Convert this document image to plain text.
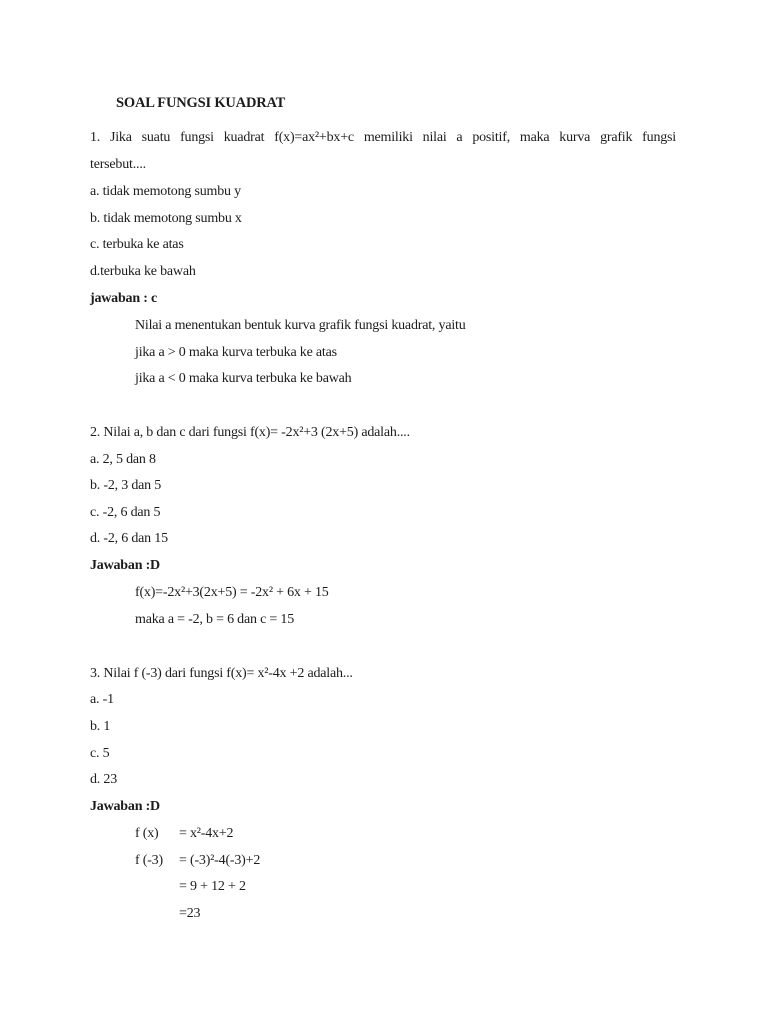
SOAL FUNGSI KUADRAT
1. Jika suatu fungsi kuadrat f(x)=ax²+bx+c memiliki nilai a positif, maka kurva grafik fungsi
tersebut....
a. tidak memotong sumbu y
b. tidak memotong sumbu x
c. terbuka ke atas
d.terbuka ke bawah
jawaban : c
Nilai a menentukan bentuk kurva grafik fungsi kuadrat, yaitu
jika a > 0 maka kurva terbuka ke atas
jika a < 0 maka kurva terbuka ke bawah
2. Nilai a, b dan c dari fungsi f(x)= -2x²+3 (2x+5) adalah....
a. 2, 5 dan 8
b. -2, 3 dan 5
c. -2, 6 dan 5
d. -2, 6 dan 15
Jawaban :D
f(x)=-2x²+3(2x+5) = -2x² + 6x + 15
maka a = -2, b = 6 dan c = 15
3. Nilai f (-3) dari fungsi f(x)= x²-4x +2 adalah...
a. -1
b. 1
c. 5
d. 23
Jawaban :D
f (x) = x²-4x+2
f (-3) = (-3)²-4(-3)+2
= 9 + 12 + 2
=23
